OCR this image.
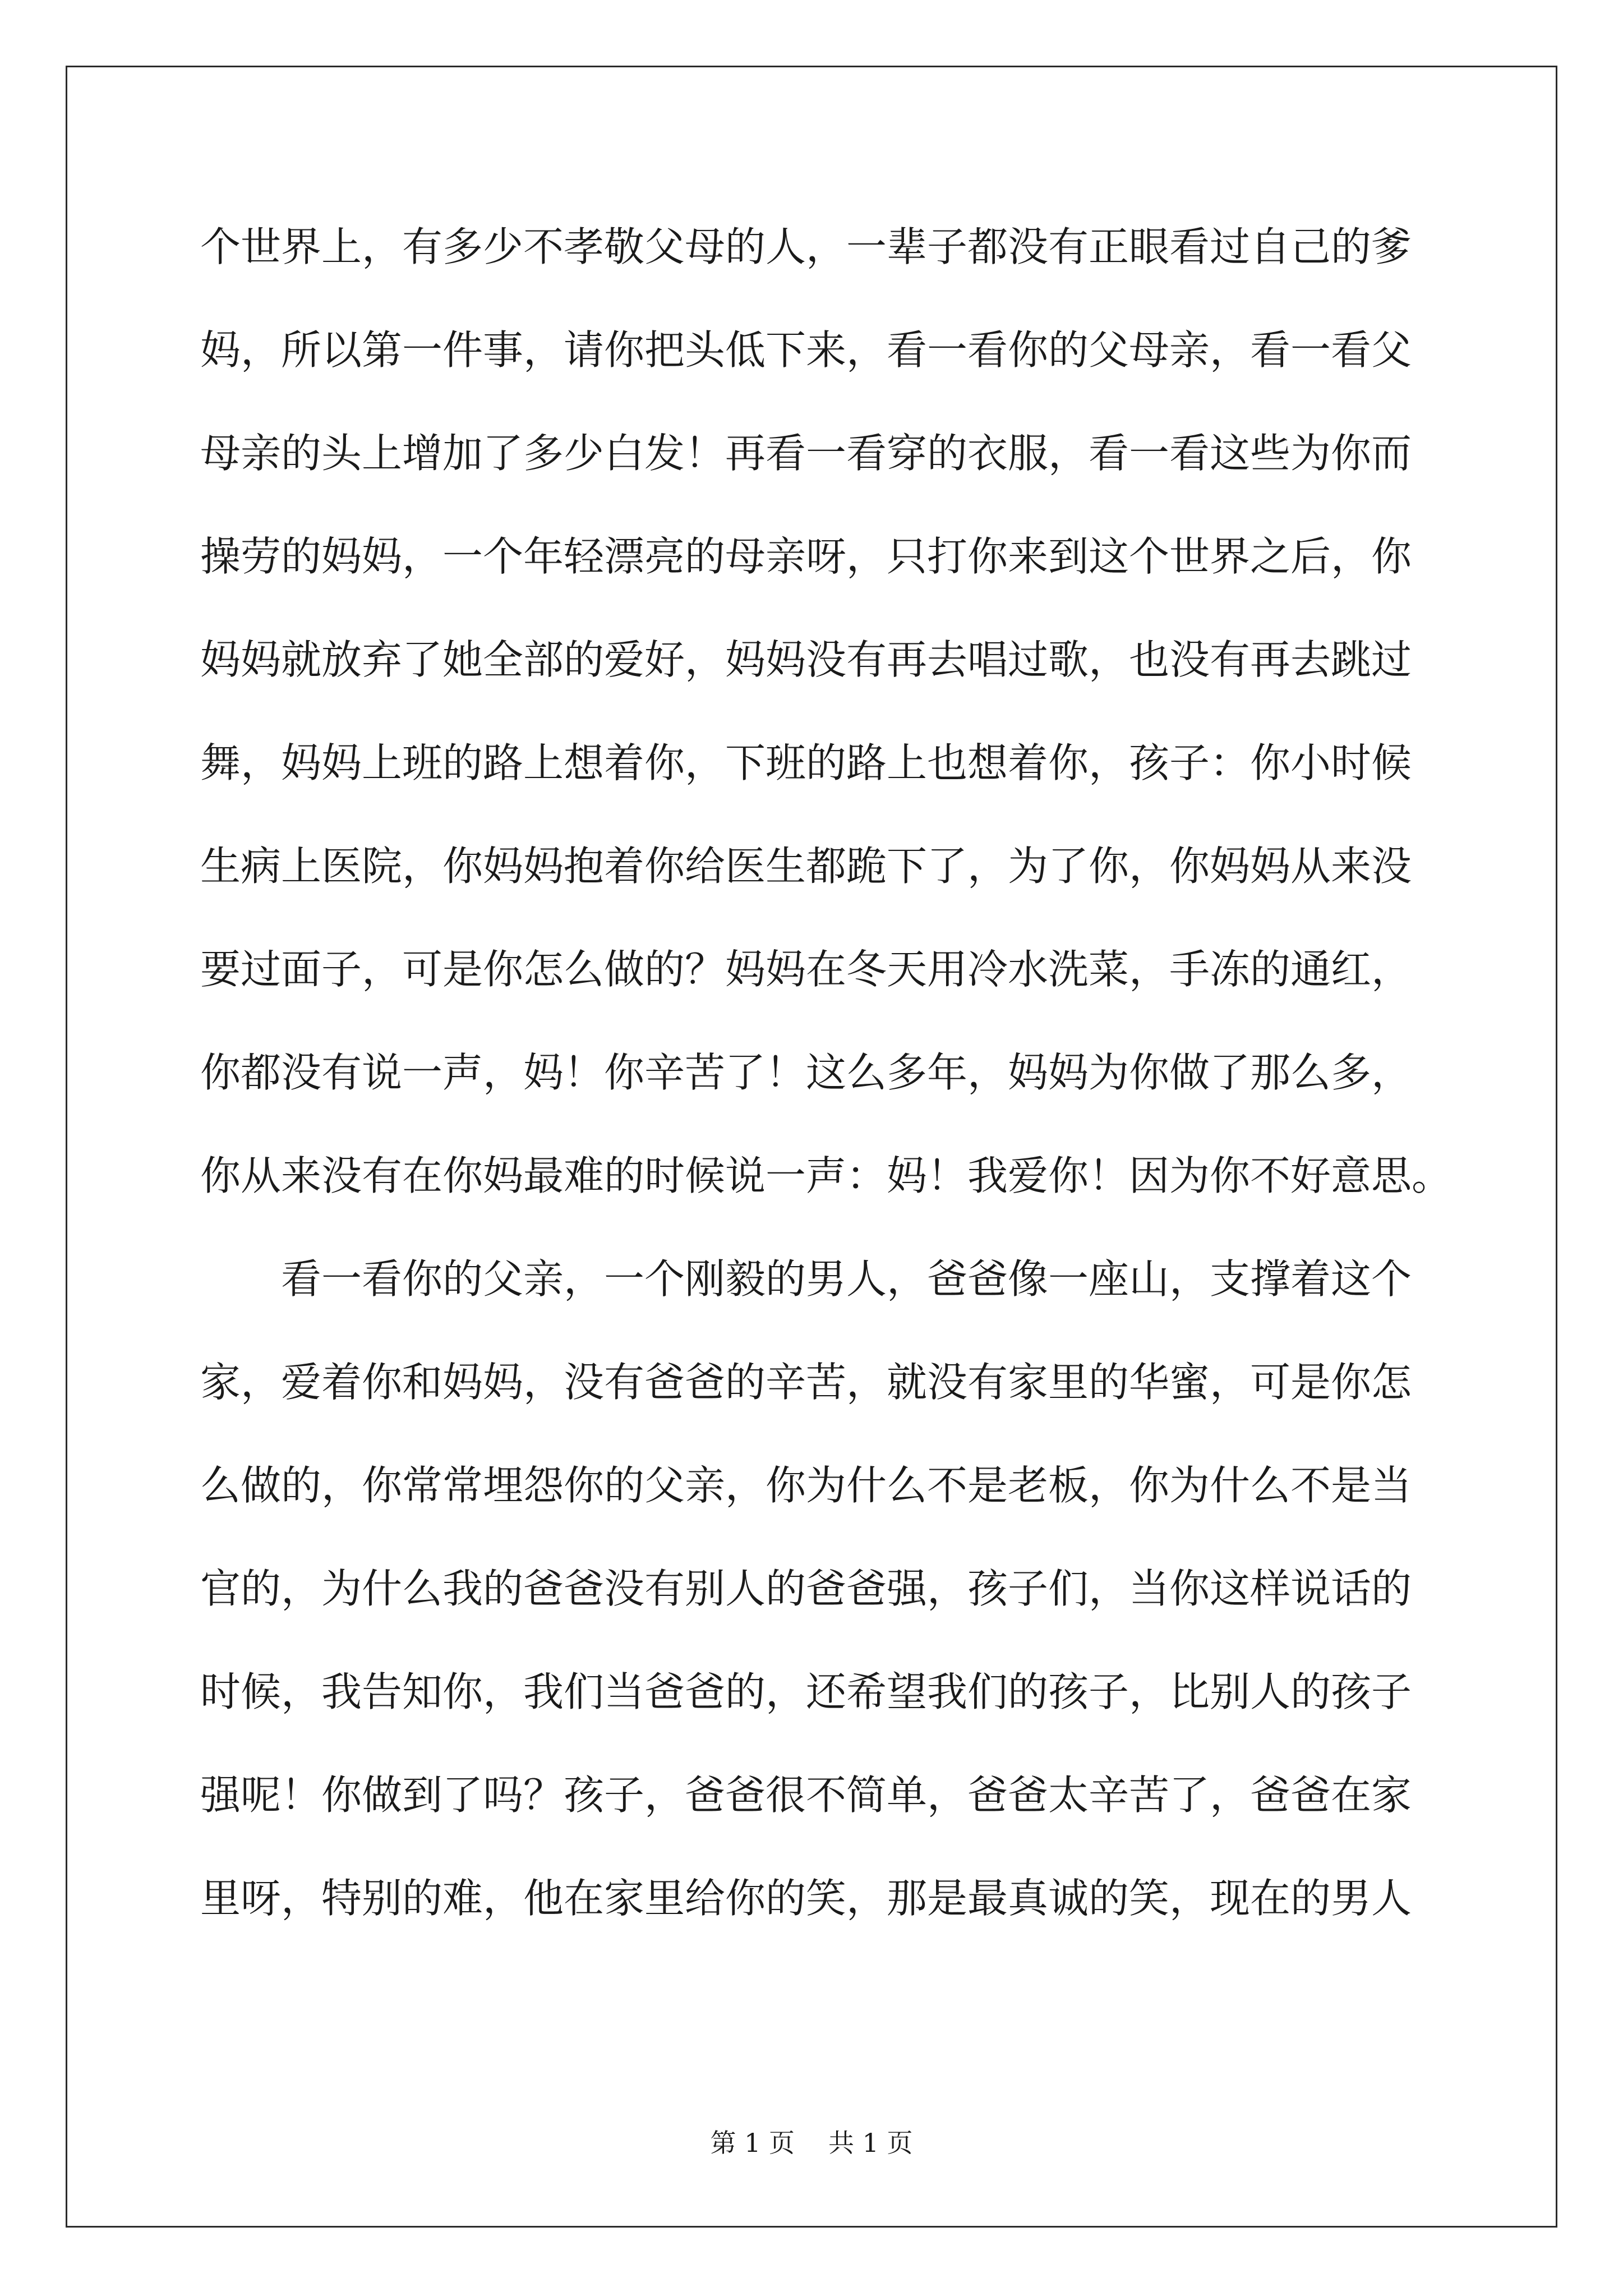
个世界上，有多少不孝敬父母的人，一辈子都没有正眼看过自己的爹
妈，所以第一件事，请你把头低下来，看一看你的父母亲，看一看父
母亲的头上增加了多少白发！再看一看穿的衣服，看一看这些为你而
操劳的妈妈，一个年轻漂亮的母亲呀，只打你来到这个世界之后，你
妈妈就放弃了她全部的爱好，妈妈没有再去唱过歌，也没有再去跳过
舞，妈妈上班的路上想着你，下班的路上也想着你，孩子：你小时候
生病上医院，你妈妈抱着你给医生都跪下了，为了你，你妈妈从来没
要过面子，可是你怎么做的？妈妈在冬天用冷水洗菜，手冻的通红，
你都没有说一声，妈！你辛苦了！这么多年，妈妈为你做了那么多，
你从来没有在你妈最难的时候说一声：妈！我爱你！因为你不好意思。
　　看一看你的父亲，一个刚毅的男人，爸爸像一座山，支撑着这个
家，爱着你和妈妈，没有爸爸的辛苦，就没有家里的华蜜，可是你怎
么做的，你常常埋怨你的父亲，你为什么不是老板，你为什么不是当
官的，为什么我的爸爸没有别人的爸爸强，孩子们，当你这样说话的
时候，我告知你，我们当爸爸的，还希望我们的孩子，比别人的孩子
强呢！你做到了吗？孩子，爸爸很不简单，爸爸太辛苦了，爸爸在家
里呀，特别的难，他在家里给你的笑，那是最真诚的笑，现在的男人
第 1 页 共 1 页
